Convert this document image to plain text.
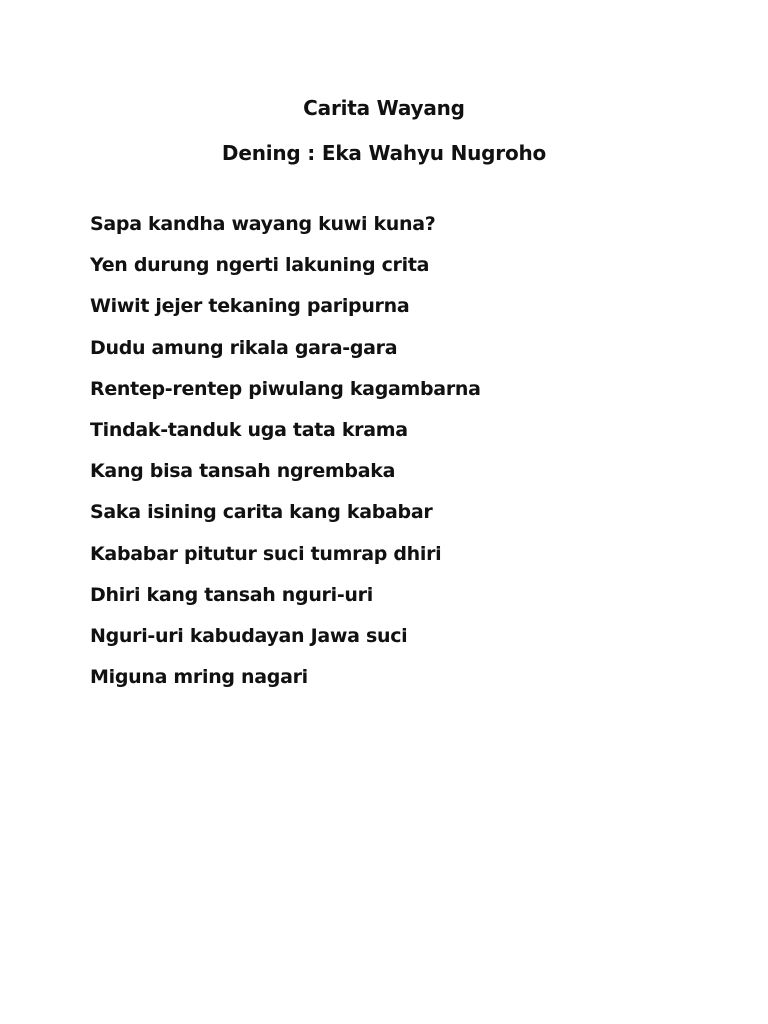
Carita Wayang
Dening : Eka Wahyu Nugroho
Sapa kandha wayang kuwi kuna?
Yen durung ngerti lakuning crita
Wiwit jejer tekaning paripurna
Dudu amung rikala gara-gara
Rentep-rentep piwulang kagambarna
Tindak-tanduk uga tata krama
Kang bisa tansah ngrembaka
Saka isining carita kang kababar
Kababar pitutur suci tumrap dhiri
Dhiri kang tansah nguri-uri
Nguri-uri kabudayan Jawa suci
Miguna mring nagari
